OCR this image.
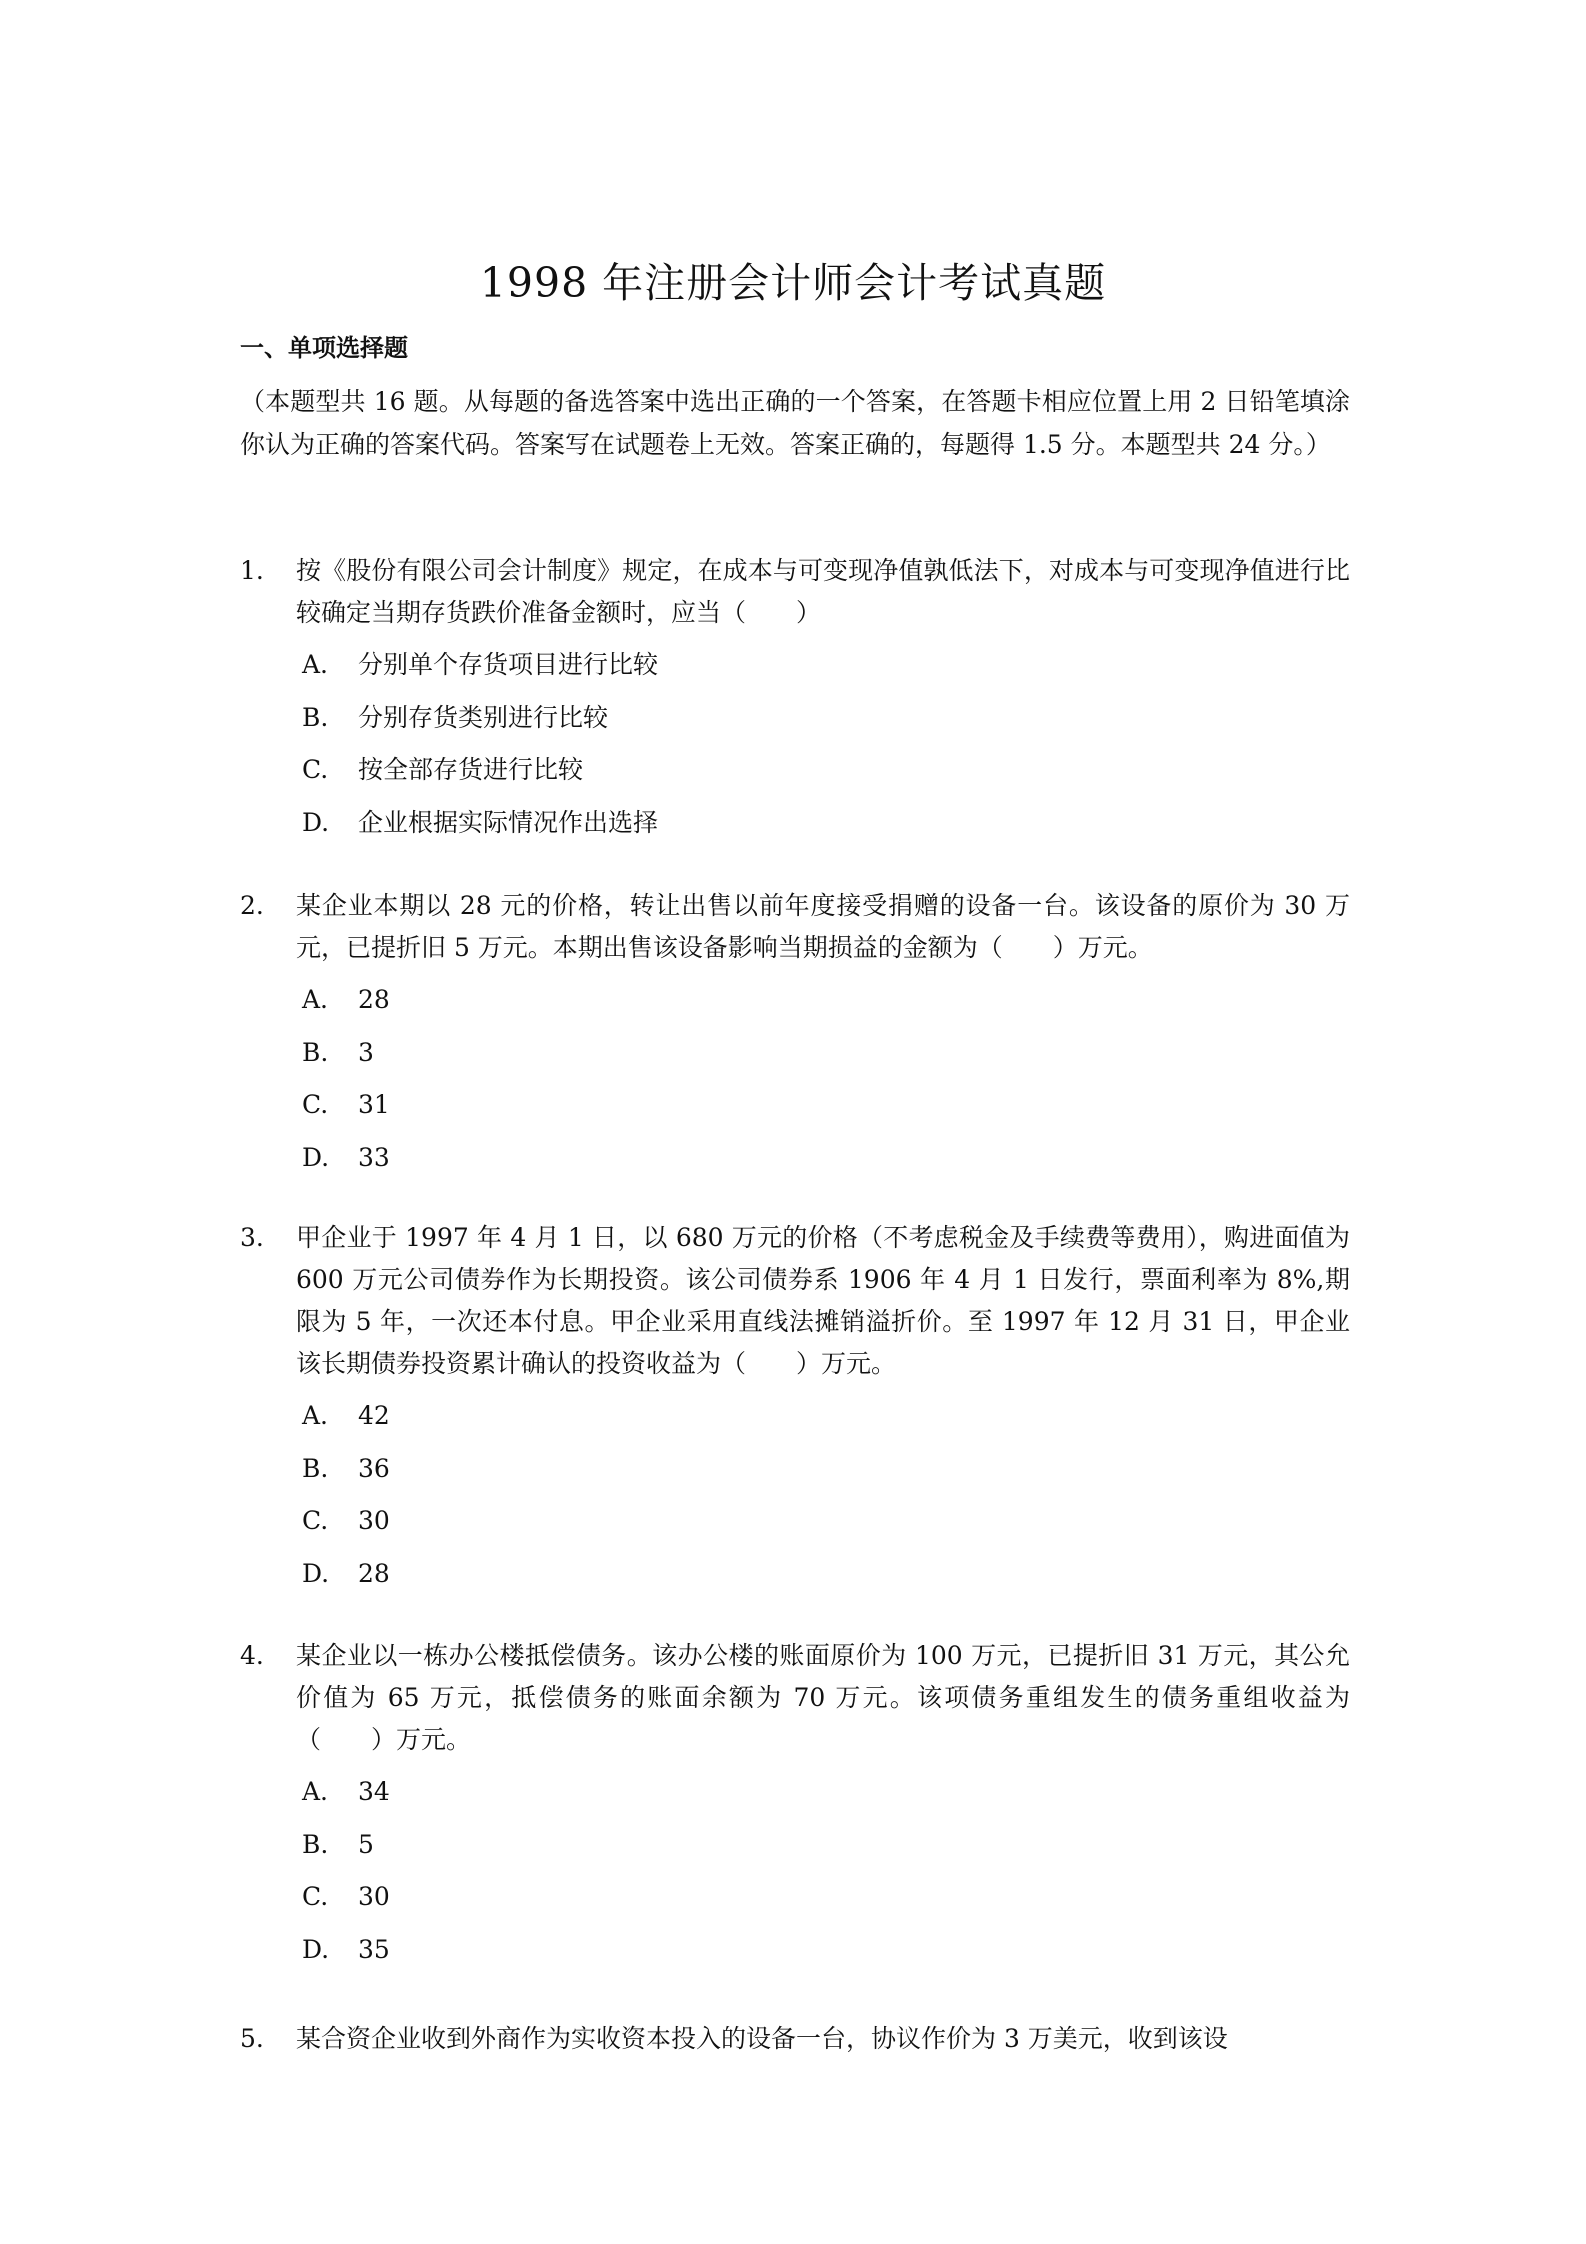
1998 年注册会计师会计考试真题
一、单项选择题
（本题型共 16 题。从每题的备选答案中选出正确的一个答案，在答题卡相应位置上用 2 日铅笔填涂你认为正确的答案代码。答案写在试题卷上无效。答案正确的，每题得 1.5 分。本题型共 24 分。）
1.	按《股份有限公司会计制度》规定，在成本与可变现净值孰低法下，对成本与可变现净值进行比较确定当期存货跌价准备金额时，应当（　　）
A. 分别单个存货项目进行比较
B. 分别存货类别进行比较
C. 按全部存货进行比较
D. 企业根据实际情况作出选择
2.	某企业本期以 28 元的价格，转让出售以前年度接受捐赠的设备一台。该设备的原价为 30 万元，已提折旧 5 万元。本期出售该设备影响当期损益的金额为（　　）万元。
A. 28
B. 3
C. 31
D. 33
3.	甲企业于 1997 年 4 月 1 日，以 680 万元的价格（不考虑税金及手续费等费用），购进面值为 600 万元公司债券作为长期投资。该公司债券系 1906 年 4 月 1 日发行，票面利率为 8%,期限为 5 年，一次还本付息。甲企业采用直线法摊销溢折价。至 1997 年 12 月 31 日，甲企业该长期债券投资累计确认的投资收益为（　　）万元。
A. 42
B. 36
C. 30
D. 28
4.	某企业以一栋办公楼抵偿债务。该办公楼的账面原价为 100 万元，已提折旧 31 万元，其公允价值为 65 万元，抵偿债务的账面余额为 70 万元。该项债务重组发生的债务重组收益为（　　）万元。
A. 34
B. 5
C. 30
D. 35
5.	某合资企业收到外商作为实收资本投入的设备一台，协议作价为 3 万美元，收到该设
